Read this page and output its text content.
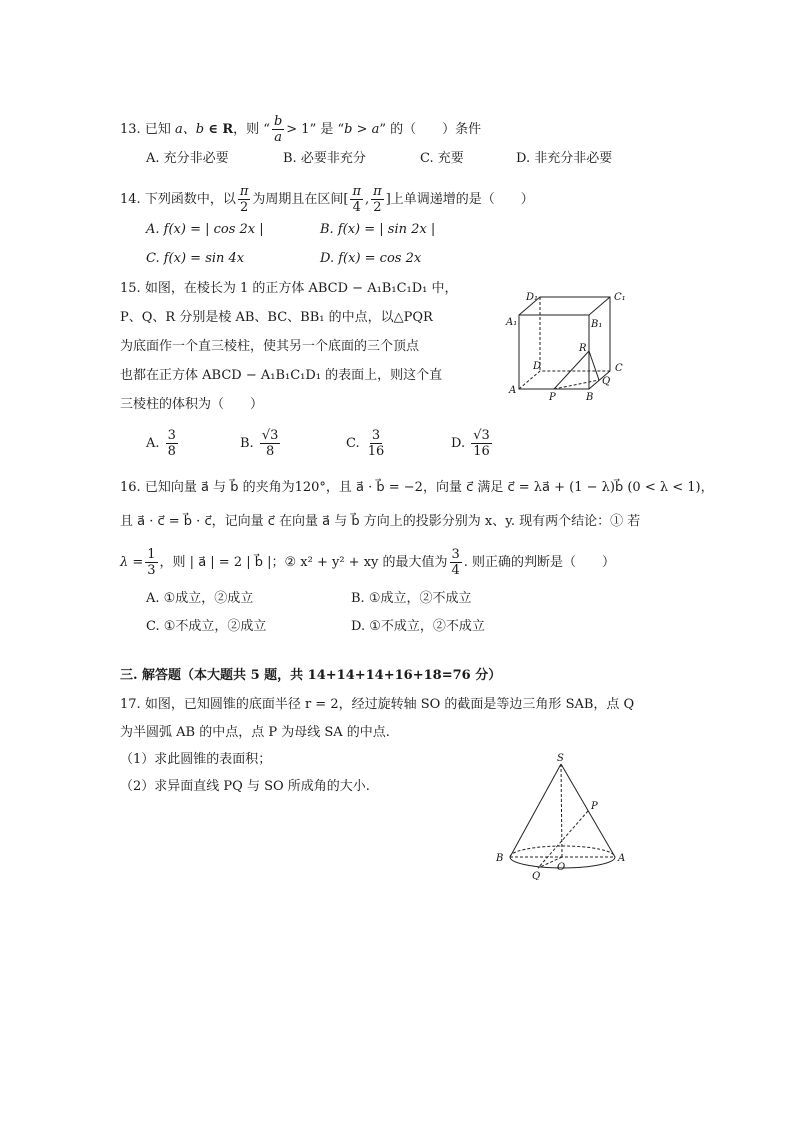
13. 已知 a、b ∈ R，则 “ $\frac{b}{a} > 1$” 是 “b > a” 的（　　）条件
A. 充分非必要	B. 必要非充分	C. 充要	D. 非充分非必要
14. 下列函数中，以 $\frac{\pi}{2}$ 为周期且在区间[ $\frac{\pi}{4}$ , $\frac{\pi}{2}$ ]上单调递增的是（　　）
A. f(x) = | cos 2x |	B. f(x) = | sin 2x |
C. f(x) = sin 4x	D. f(x) = cos 2x
15. 如图，在棱长为 1 的正方体 ABCD − A₁B₁C₁D₁ 中，
P、Q、R 分别是棱 AB、BC、BB₁ 的中点，以△PQR
为底面作一个直三棱柱，使其另一个底面的三个顶点
也都在正方体 ABCD − A₁B₁C₁D₁ 的表面上，则这个直
三棱柱的体积为（　　）
A. $\frac{3}{8}$	B. $\frac{√3}{8}$	C. $\frac{3}{16}$	D. $\frac{√3}{16}$
D₁	C₁
A₁	B₁
R
D	C
Q
A
P	B
16. 已知向量 a⃗ 与 b⃗ 的夹角为120°，且 a⃗ · b⃗ = −2，向量 c⃗ 满足 c⃗ = λa⃗ + (1 − λ)b⃗ (0 < λ < 1)，
且 a⃗ · c⃗ = b⃗ · c⃗，记向量 c⃗ 在向量 a⃗ 与 b⃗ 方向上的投影分别为 x、y. 现有两个结论：① 若
$\lambda = \frac{1}{3}$ ，则 | a⃗ | = 2 | b⃗ |；② x² + y² + xy 的最大值为 $\frac{3}{4}$ . 则正确的判断是（　　）
A. ①成立，②成立	B. ①成立，②不成立
C. ①不成立，②成立	D. ①不成立，②不成立
三. 解答题（本大题共 5 题，共 14+14+14+16+18=76 分）
17. 如图，已知圆锥的底面半径 r = 2，经过旋转轴 SO 的截面是等边三角形 SAB，点 Q
为半圆弧 AB 的中点，点 P 为母线 SA 的中点.
（1）求此圆锥的表面积；
（2）求异面直线 PQ 与 SO 所成角的大小.
S
P
B
O
A
Q
